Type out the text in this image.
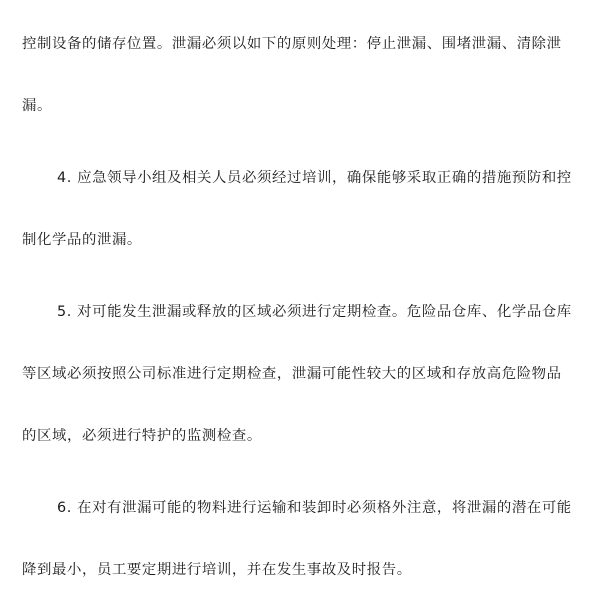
控制设备的储存位置。泄漏必须以如下的原则处理：停止泄漏、围堵泄漏、清除泄
漏。
4. 应急领导小组及相关人员必须经过培训，确保能够采取正确的措施预防和控
制化学品的泄漏。
5. 对可能发生泄漏或释放的区域必须进行定期检查。危险品仓库、化学品仓库
等区域必须按照公司标准进行定期检查，泄漏可能性较大的区域和存放高危险物品
的区域，必须进行特护的监测检查。
6. 在对有泄漏可能的物料进行运输和装卸时必须格外注意，将泄漏的潜在可能
降到最小，员工要定期进行培训，并在发生事故及时报告。
